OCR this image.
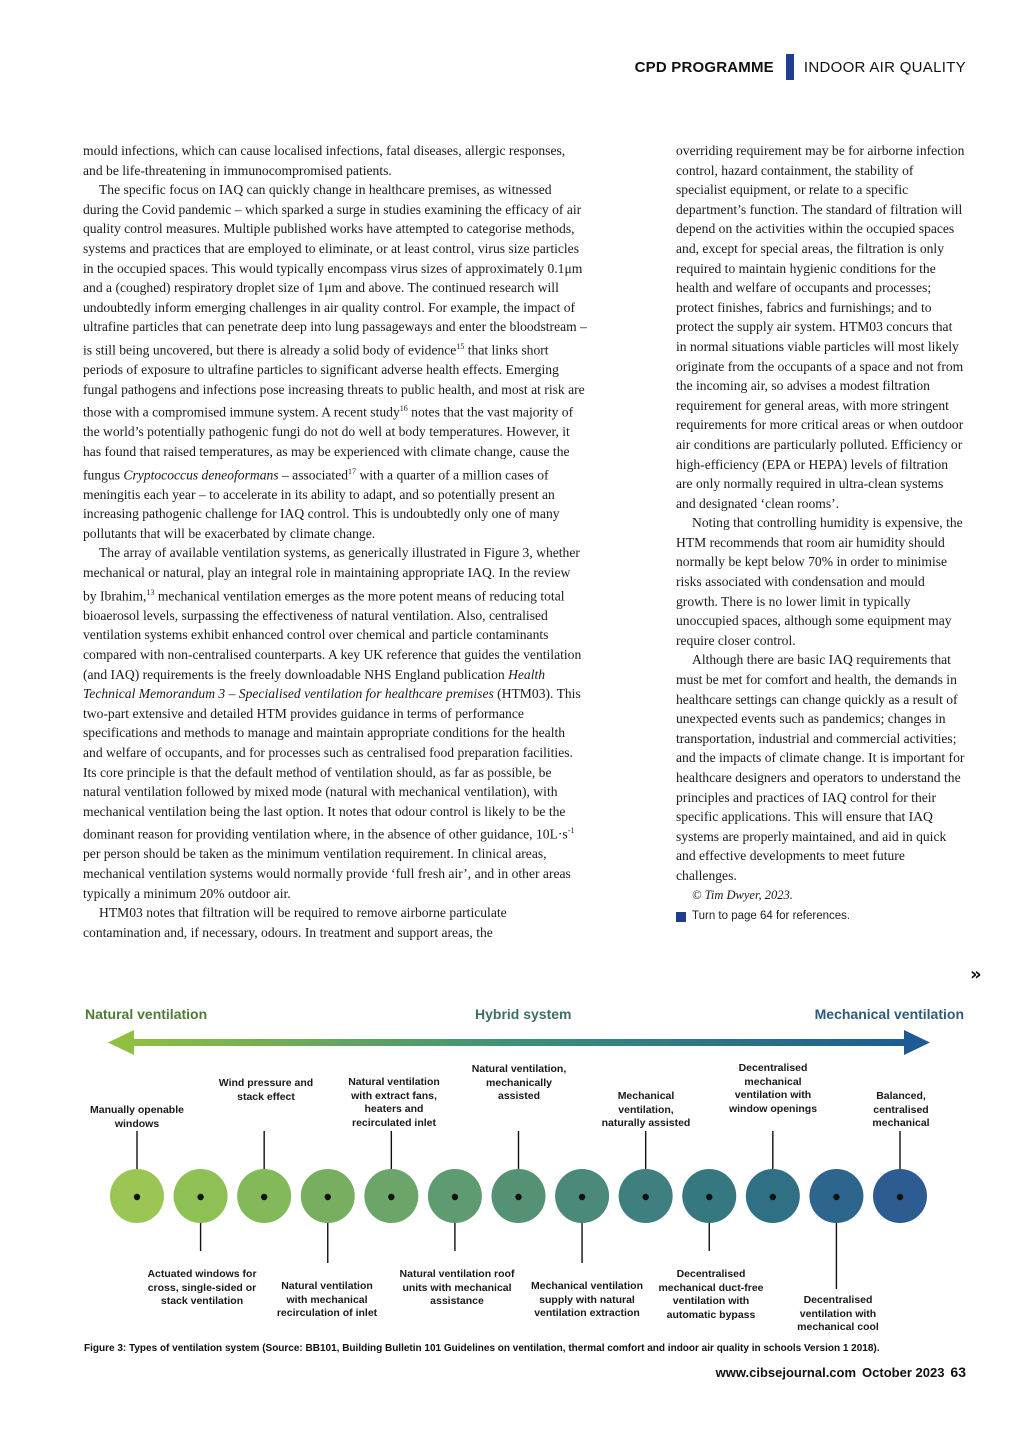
CPD PROGRAMME INDOOR AIR QUALITY

mould infections, which can cause localised infections, fatal diseases, allergic responses, and be life-threatening in immunocompromised patients.

The specific focus on IAQ can quickly change in healthcare premises, as witnessed during the Covid pandemic – which sparked a surge in studies examining the efficacy of air quality control measures. Multiple published works have attempted to categorise methods, systems and practices that are employed to eliminate, or at least control, virus size particles in the occupied spaces. This would typically encompass virus sizes of approximately 0.1μm and a (coughed) respiratory droplet size of 1μm and above. The continued research will undoubtedly inform emerging challenges in air quality control. For example, the impact of ultrafine particles that can penetrate deep into lung passageways and enter the bloodstream – is still being uncovered, but there is already a solid body of evidence$^{15}$ that links short periods of exposure to ultrafine particles to significant adverse health effects. Emerging fungal pathogens and infections pose increasing threats to public health, and most at risk are those with a compromised immune system. A recent study$^{16}$ notes that the vast majority of the world’s potentially pathogenic fungi do not do well at body temperatures. However, it has found that raised temperatures, as may be experienced with climate change, cause the fungus Cryptococcus deneoformans – associated$^{17}$ with a quarter of a million cases of meningitis each year – to accelerate in its ability to adapt, and so potentially present an increasing pathogenic challenge for IAQ control. This is undoubtedly only one of many pollutants that will be exacerbated by climate change.

The array of available ventilation systems, as generically illustrated in Figure 3, whether mechanical or natural, play an integral role in maintaining appropriate IAQ. In the review by Ibrahim,$^{13}$ mechanical ventilation emerges as the more potent means of reducing total bioaerosol levels, surpassing the effectiveness of natural ventilation. Also, centralised ventilation systems exhibit enhanced control over chemical and particle contaminants compared with non-centralised counterparts. A key UK reference that guides the ventilation (and IAQ) requirements is the freely downloadable NHS England publication Health Technical Memorandum 3 – Specialised ventilation for healthcare premises (HTM03). This two-part extensive and detailed HTM provides guidance in terms of performance specifications and methods to manage and maintain appropriate conditions for the health and welfare of occupants, and for processes such as centralised food preparation facilities. Its core principle is that the default method of ventilation should, as far as possible, be natural ventilation followed by mixed mode (natural with mechanical ventilation), with mechanical ventilation being the last option. It notes that odour control is likely to be the dominant reason for providing ventilation where, in the absence of other guidance, $10L\cdot s^{-1}$ per person should be taken as the minimum ventilation requirement. In clinical areas, mechanical ventilation systems would normally provide ‘full fresh air’, and in other areas typically a minimum 20% outdoor air.

HTM03 notes that filtration will be required to remove airborne particulate contamination and, if necessary, odours. In treatment and support areas, the

overriding requirement may be for airborne infection control, hazard containment, the stability of specialist equipment, or relate to a specific department’s function. The standard of filtration will depend on the activities within the occupied spaces and, except for special areas, the filtration is only required to maintain hygienic conditions for the health and welfare of occupants and processes; protect finishes, fabrics and furnishings; and to protect the supply air system. HTM03 concurs that in normal situations viable particles will most likely originate from the occupants of a space and not from the incoming air, so advises a modest filtration requirement for general areas, with more stringent requirements for more critical areas or when outdoor air conditions are particularly polluted. Efficiency or high-efficiency (EPA or HEPA) levels of filtration are only normally required in ultra-clean systems and designated ‘clean rooms’.

Noting that controlling humidity is expensive, the HTM recommends that room air humidity should normally be kept below 70% in order to minimise risks associated with condensation and mould growth. There is no lower limit in typically unoccupied spaces, although some equipment may require closer control.

Although there are basic IAQ requirements that must be met for comfort and health, the demands in healthcare settings can change quickly as a result of unexpected events such as pandemics; changes in transportation, industrial and commercial activities; and the impacts of climate change. It is important for healthcare designers and operators to understand the principles and practices of IAQ control for their specific applications. This will ensure that IAQ systems are properly maintained, and aid in quick and effective developments to meet future challenges.

© Tim Dwyer, 2023.

Turn to page 64 for references.
»
Natural ventilation	Hybrid system	Mechanical ventilation
Manually openable windows
Wind pressure and stack effect
Natural ventilation with extract fans, heaters and recirculated inlet
Natural ventilation, mechanically assisted	Mechanical ventilation, naturally assisted
Decentralised mechanical ventilation with window openings
Balanced, centralised mechanical
Actuated windows for cross, single-sided or stack ventilation
Natural ventilation with mechanical recirculation of inlet
Natural ventilation roof units with mechanical assistance
Mechanical ventilation supply with natural ventilation extraction
Decentralised mechanical duct-free ventilation with automatic bypass
Decentralised ventilation with mechanical cool
Figure 3: Types of ventilation system (Source: BB101, Building Bulletin 101 Guidelines on ventilation, thermal comfort and indoor air quality in schools Version 1 2018).
www.cibsejournal.com October 2023 63
